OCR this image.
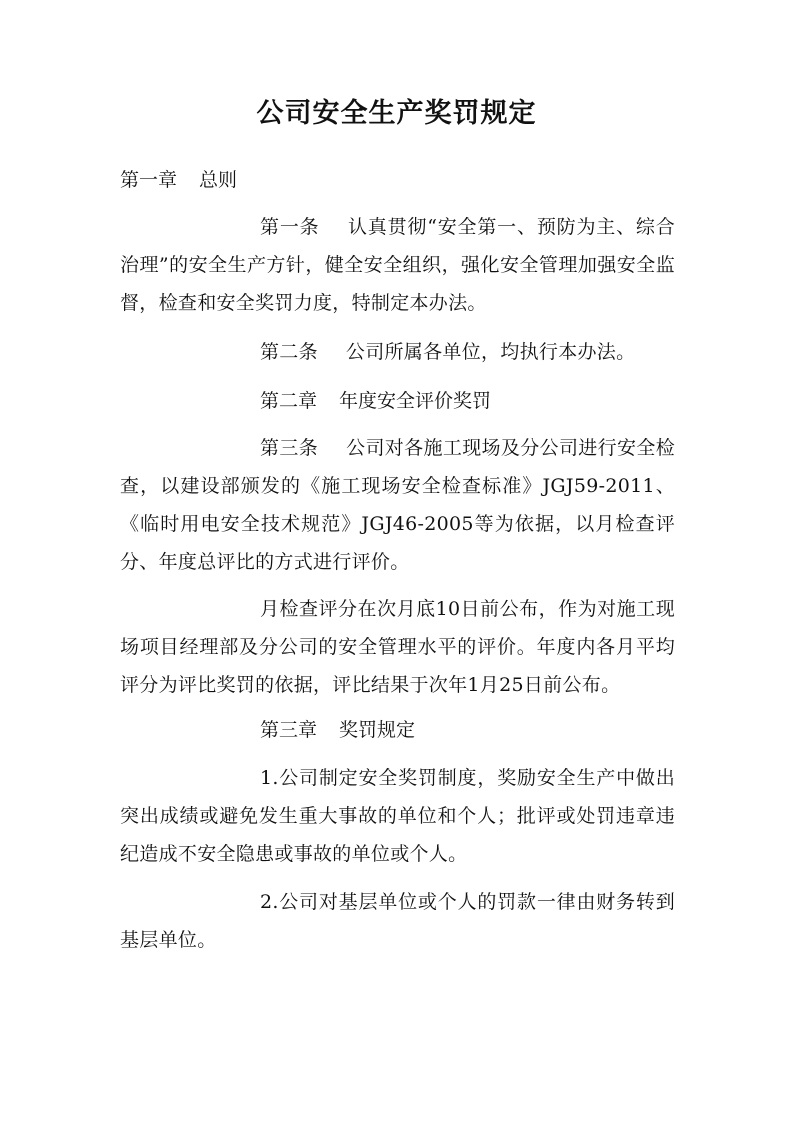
公司安全生产奖罚规定
第一章 总则
第一条 认真贯彻“安全第一、预防为主、综合治理”的安全生产方针，健全安全组织，强化安全管理加强安全监督，检查和安全奖罚力度，特制定本办法。
第二条 公司所属各单位，均执行本办法。
第二章 年度安全评价奖罚
第三条 公司对各施工现场及分公司进行安全检查，以建设部颁发的《施工现场安全检查标准》JGJ59-2011、《临时用电安全技术规范》JGJ46-2005等为依据，以月检查评分、年度总评比的方式进行评价。
月检查评分在次月底10日前公布，作为对施工现场项目经理部及分公司的安全管理水平的评价。年度内各月平均评分为评比奖罚的依据，评比结果于次年1月25日前公布。
第三章 奖罚规定
1.公司制定安全奖罚制度，奖励安全生产中做出突出成绩或避免发生重大事故的单位和个人；批评或处罚违章违纪造成不安全隐患或事故的单位或个人。
2.公司对基层单位或个人的罚款一律由财务转到基层单位。
